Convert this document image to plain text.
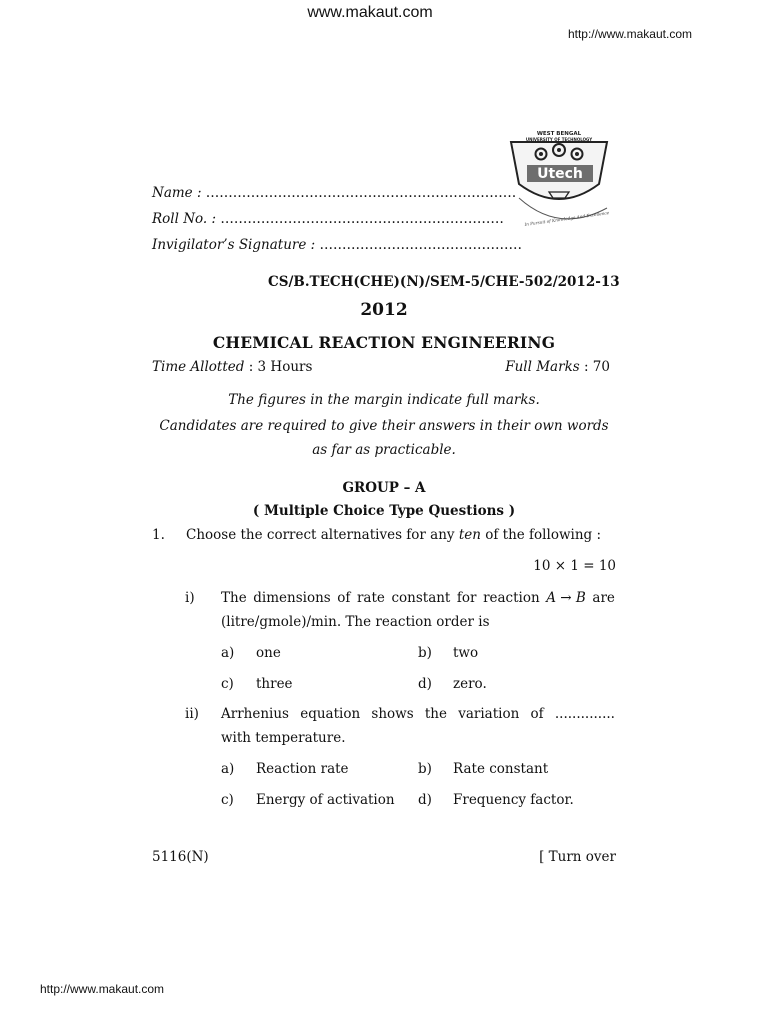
www.makaut.com
http://www.makaut.com
WEST BENGAL
UNIVERSITY OF TECHNOLOGY
Utech
In Pursuit of Knowledge And Excellence
Name : ……………………………………………………………
Roll No. : ………………………………………………………
Invigilator’s Signature : ………………………………………
CS/B.TECH(CHE)(N)/SEM-5/CHE-502/2012-13
2012
CHEMICAL REACTION ENGINEERING
Time Allotted : 3 Hours	Full Marks : 70
The figures in the margin indicate full marks.
Candidates are required to give their answers in their own words
as far as practicable.
GROUP – A
( Multiple Choice Type Questions )
1. Choose the correct alternatives for any ten of the following :
10 × 1 = 10
i) The dimensions of rate constant for reaction A → B are
(litre/gmole)/min. The reaction order is
a) one	b) two
c) three	d) zero.
ii) Arrhenius equation shows the variation of ..............
with temperature.
a) Reaction rate	b) Rate constant
c) Energy of activation d) Frequency factor.
5116(N)	[ Turn over
http://www.makaut.com
